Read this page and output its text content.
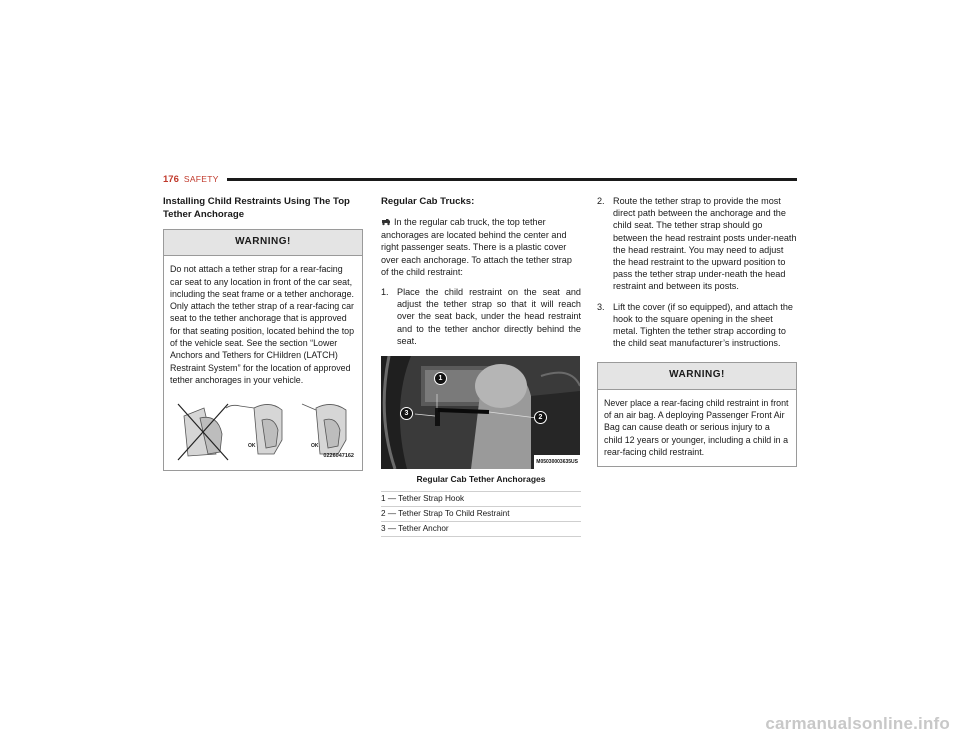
176 SAFETY
Installing Child Restraints Using The Top Tether Anchorage
WARNING!
Do not attach a tether strap for a rear-facing car seat to any location in front of the car seat, including the seat frame or a tether anchorage. Only attach the tether strap of a rear-facing car seat to the tether anchorage that is approved for that seating position, located behind the top of the vehicle seat. See the section “Lower Anchors and Tethers for CHildren (LATCH) Restraint System” for the location of approved tether anchorages in your vehicle.
OK	OK
0226047162
Regular Cab Trucks:

In the regular cab truck, the top tether anchorages are located behind the center and right passenger seats. There is a plastic cover over each anchorage. To attach the tether strap of the child restraint:

1. Place the child restraint on the seat and adjust the tether strap so that it will reach over the seat back, under the head restraint and to the tether anchor directly behind the seat.
1
2
3
M05030003635US
Regular Cab Tether Anchorages
1 — Tether Strap Hook
2 — Tether Strap To Child Restraint
3 — Tether Anchor
2. Route the tether strap to provide the most direct path between the anchorage and the child seat. The tether strap should go between the head restraint posts under-neath the head restraint. You may need to adjust the head restraint to the upward position to pass the tether strap under-neath the head restraint and between its posts.
3. Lift the cover (if so equipped), and attach the hook to the square opening in the sheet metal. Tighten the tether strap according to the child seat manufacturer’s instructions.
WARNING!
Never place a rear-facing child restraint in front of an air bag. A deploying Passenger Front Air Bag can cause death or serious injury to a child 12 years or younger, including a child in a rear-facing child restraint.
carmanualsonline.info
